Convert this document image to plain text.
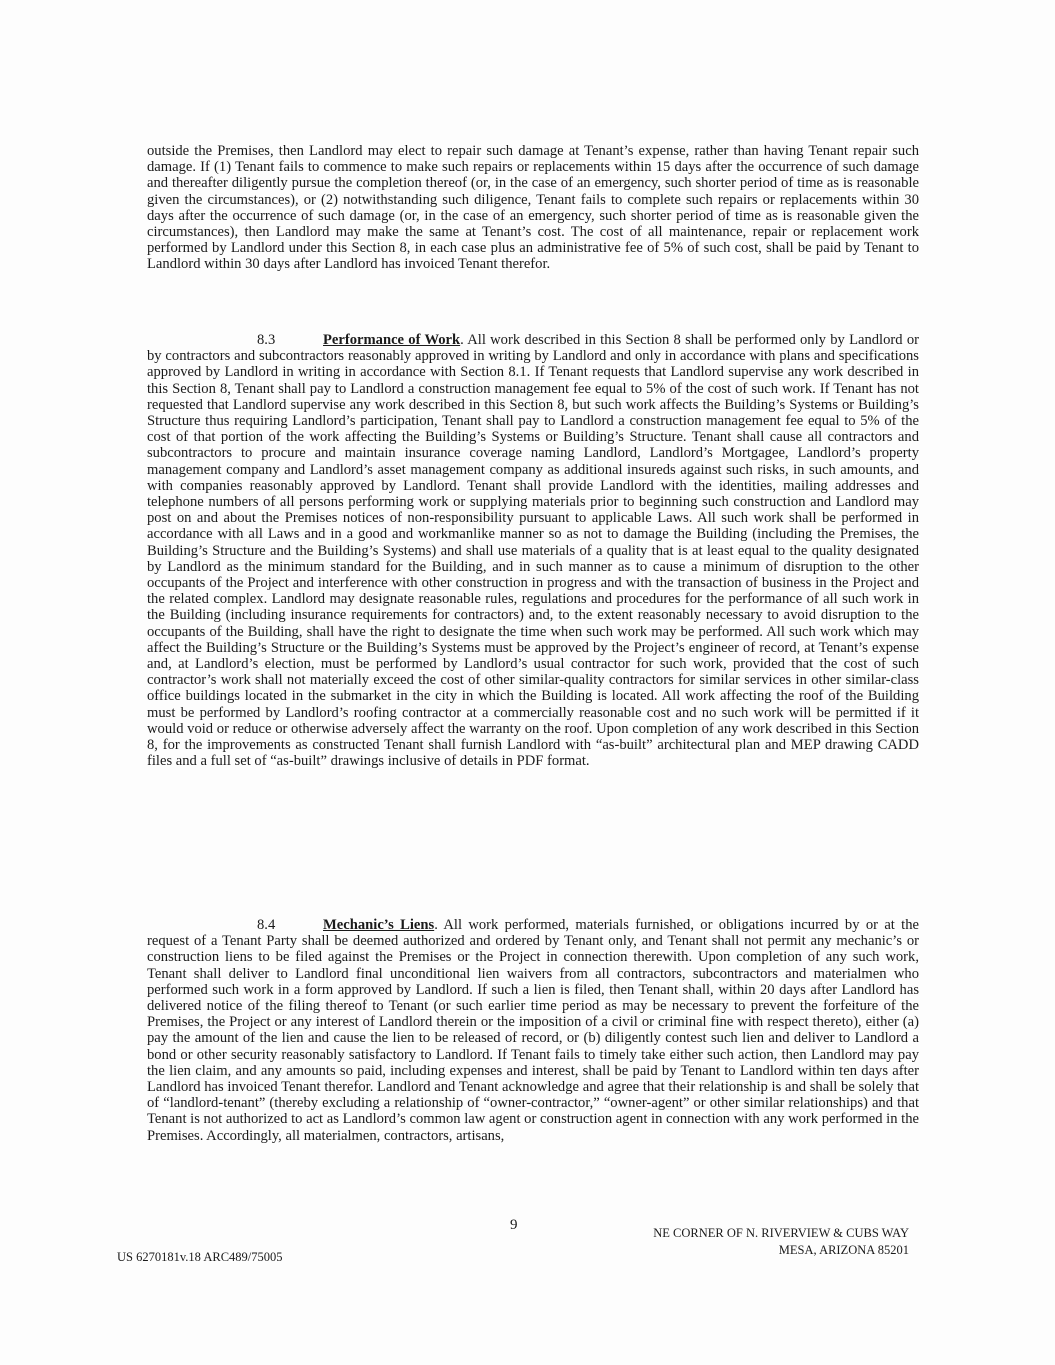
outside the Premises, then Landlord may elect to repair such damage at Tenant’s expense, rather than having Tenant repair such damage. If (1) Tenant fails to commence to make such repairs or replacements within 15 days after the occurrence of such damage and thereafter diligently pursue the completion thereof (or, in the case of an emergency, such shorter period of time as is reasonable given the circumstances), or (2) notwithstanding such diligence, Tenant fails to complete such repairs or replacements within 30 days after the occurrence of such damage (or, in the case of an emergency, such shorter period of time as is reasonable given the circumstances), then Landlord may make the same at Tenant’s cost. The cost of all maintenance, repair or replacement work performed by Landlord under this Section 8, in each case plus an administrative fee of 5% of such cost, shall be paid by Tenant to Landlord within 30 days after Landlord has invoiced Tenant therefor.

8.3	Performance of Work. All work described in this Section 8 shall be performed only by Landlord or by contractors and subcontractors reasonably approved in writing by Landlord and only in accordance with plans and specifications approved by Landlord in writing in accordance with Section 8.1. If Tenant requests that Landlord supervise any work described in this Section 8, Tenant shall pay to Landlord a construction management fee equal to 5% of the cost of such work. If Tenant has not requested that Landlord supervise any work described in this Section 8, but such work affects the Building’s Systems or Building’s Structure thus requiring Landlord’s participation, Tenant shall pay to Landlord a construction management fee equal to 5% of the cost of that portion of the work affecting the Building’s Systems or Building’s Structure. Tenant shall cause all contractors and subcontractors to procure and maintain insurance coverage naming Landlord, Landlord’s Mortgagee, Landlord’s property management company and Landlord’s asset management company as additional insureds against such risks, in such amounts, and with companies reasonably approved by Landlord. Tenant shall provide Landlord with the identities, mailing addresses and telephone numbers of all persons performing work or supplying materials prior to beginning such construction and Landlord may post on and about the Premises notices of non-responsibility pursuant to applicable Laws. All such work shall be performed in accordance with all Laws and in a good and workmanlike manner so as not to damage the Building (including the Premises, the Building’s Structure and the Building’s Systems) and shall use materials of a quality that is at least equal to the quality designated by Landlord as the minimum standard for the Building, and in such manner as to cause a minimum of disruption to the other occupants of the Project and interference with other construction in progress and with the transaction of business in the Project and the related complex. Landlord may designate reasonable rules, regulations and procedures for the performance of all such work in the Building (including insurance requirements for contractors) and, to the extent reasonably necessary to avoid disruption to the occupants of the Building, shall have the right to designate the time when such work may be performed. All such work which may affect the Building’s Structure or the Building’s Systems must be approved by the Project’s engineer of record, at Tenant’s expense and, at Landlord’s election, must be performed by Landlord’s usual contractor for such work, provided that the cost of such contractor’s work shall not materially exceed the cost of other similar-quality contractors for similar services in other similar-class office buildings located in the submarket in the city in which the Building is located. All work affecting the roof of the Building must be performed by Landlord’s roofing contractor at a commercially reasonable cost and no such work will be permitted if it would void or reduce or otherwise adversely affect the warranty on the roof. Upon completion of any work described in this Section 8, for the improvements as constructed Tenant shall furnish Landlord with “as-built” architectural plan and MEP drawing CADD files and a full set of “as-built” drawings inclusive of details in PDF format.

8.4	Mechanic’s Liens. All work performed, materials furnished, or obligations incurred by or at the request of a Tenant Party shall be deemed authorized and ordered by Tenant only, and Tenant shall not permit any mechanic’s or construction liens to be filed against the Premises or the Project in connection therewith. Upon completion of any such work, Tenant shall deliver to Landlord final unconditional lien waivers from all contractors, subcontractors and materialmen who performed such work in a form approved by Landlord. If such a lien is filed, then Tenant shall, within 20 days after Landlord has delivered notice of the filing thereof to Tenant (or such earlier time period as may be necessary to prevent the forfeiture of the Premises, the Project or any interest of Landlord therein or the imposition of a civil or criminal fine with respect thereto), either (a) pay the amount of the lien and cause the lien to be released of record, or (b) diligently contest such lien and deliver to Landlord a bond or other security reasonably satisfactory to Landlord. If Tenant fails to timely take either such action, then Landlord may pay the lien claim, and any amounts so paid, including expenses and interest, shall be paid by Tenant to Landlord within ten days after Landlord has invoiced Tenant therefor. Landlord and Tenant acknowledge and agree that their relationship is and shall be solely that of “landlord-tenant” (thereby excluding a relationship of “owner-contractor,” “owner-agent” or other similar relationships) and that Tenant is not authorized to act as Landlord’s common law agent or construction agent in connection with any work performed in the Premises. Accordingly, all materialmen, contractors, artisans,

9	NE CORNER OF N. RIVERVIEW & CUBS WAY
MESA, ARIZONA 85201
US 6270181v.18 ARC489/75005
